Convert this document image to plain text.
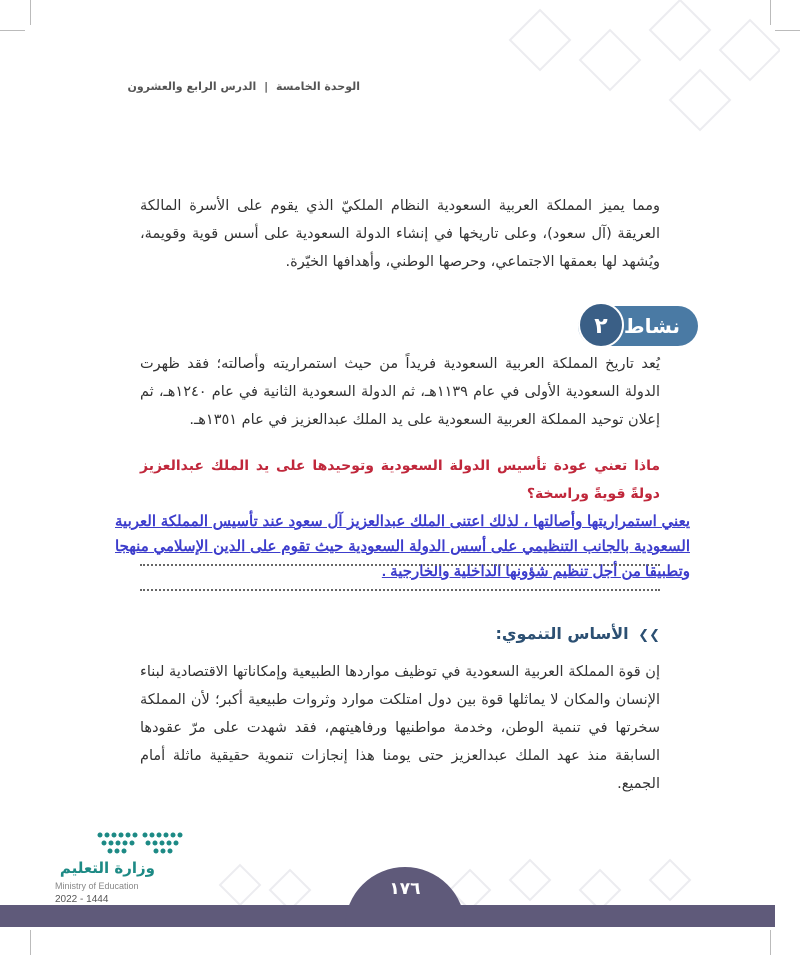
الوحدة الخامسة | الدرس الرابع والعشرون
ومما يميز المملكة العربية السعودية النظام الملكيّ الذي يقوم على الأسرة المالكة العريقة (آل سعود)، وعلى تاريخها في إنشاء الدولة السعودية على أسس قوية وقويمة، ويُشهد لها بعمقها الاجتماعي، وحرصها الوطني، وأهدافها الخيّرة.
نشاط
٢
يُعد تاريخ المملكة العربية السعودية فريداً من حيث استمراريته وأصالته؛ فقد ظهرت الدولة السعودية الأولى في عام ١١٣٩هـ، ثم الدولة السعودية الثانية في عام ١٢٤٠هـ، ثم إعلان توحيد المملكة العربية السعودية على يد الملك عبدالعزيز في عام ١٣٥١هـ.
ماذا تعني عودة تأسيس الدولة السعودية وتوحيدها على يد الملك عبدالعزيز دولةً قويةً وراسخة؟
يعني استمراريتها وأصالتها ، لذلك اعتنى الملك عبدالعزيز آل سعود عند تأسيس المملكة العربية السعودية بالجانب التنظيمي على أسس الدولة السعودية حيث تقوم على الدين الإسلامي منهجا وتطبيقا من أجل تنظيم شؤونها الداخلية والخارجية .
❯❯ الأساس التنموي:
إن قوة المملكة العربية السعودية في توظيف مواردها الطبيعية وإمكاناتها الاقتصادية لبناء الإنسان والمكان لا يماثلها قوة بين دول امتلكت موارد وثروات طبيعية أكبر؛ لأن المملكة سخرتها في تنمية الوطن، وخدمة مواطنيها ورفاهيتهم، فقد شهدت على مرّ عقودها السابقة منذ عهد الملك عبدالعزيز حتى يومنا هذا إنجازات تنموية حقيقية ماثلة أمام الجميع.
وزارة التعليم
Ministry of Education
2022 - 1444
١٧٦
